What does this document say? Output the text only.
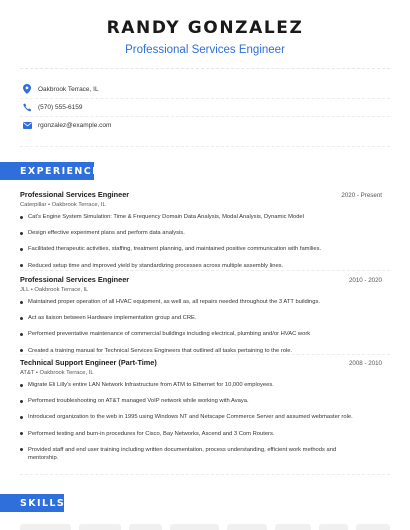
RANDY GONZALEZ
Professional Services Engineer
Oakbrook Terrace, IL
(570) 555-6159
rgonzalez@example.com
EXPERIENCE
Professional Services Engineer	2020 - Present
Caterpillar • Oakbrook Terrace, IL
Cat's Engine System Simulation: Time & Frequency Domain Data Analysis, Modal Analysis, Dynamic Model
Design effective experiment plans and perform data analysis.
Facilitated therapeutic activities, staffing, treatment planning, and maintained positive communication with families.
Reduced setup time and improved yield by standardizing processes across multiple assembly lines.
Professional Services Engineer	2010 - 2020
JLL • Oakbrook Terrace, IL
Maintained proper operation of all HVAC equipment, as well as, all repairs needed throughout the 3 ATT buildings.
Act as liaison between Hardware implementation group and CRE.
Performed preventative maintenance of commercial buildings including electrical, plumbing and/or HVAC work
Created a training manual for Technical Services Engineers that outlined all tasks pertaining to the role.
Technical Support Engineer (Part-Time)	2008 - 2010
AT&T • Oakbrook Terrace, IL
Migrate Eli Lilly's entire LAN Network Infrastructure from ATM to Ethernet for 10,000 employees.
Performed troubleshooting on AT&T managed VoIP network while working with Avaya.
Introduced organization to the web in 1995 using Windows NT and Netscape Commerce Server and assumed webmaster role.
Performed testing and burn-in procedures for Cisco, Bay Networks, Ascend and 3 Com Routers.
Provided staff and end user training including written documentation, process understanding, efficient work methods and mentorship.
SKILLS
